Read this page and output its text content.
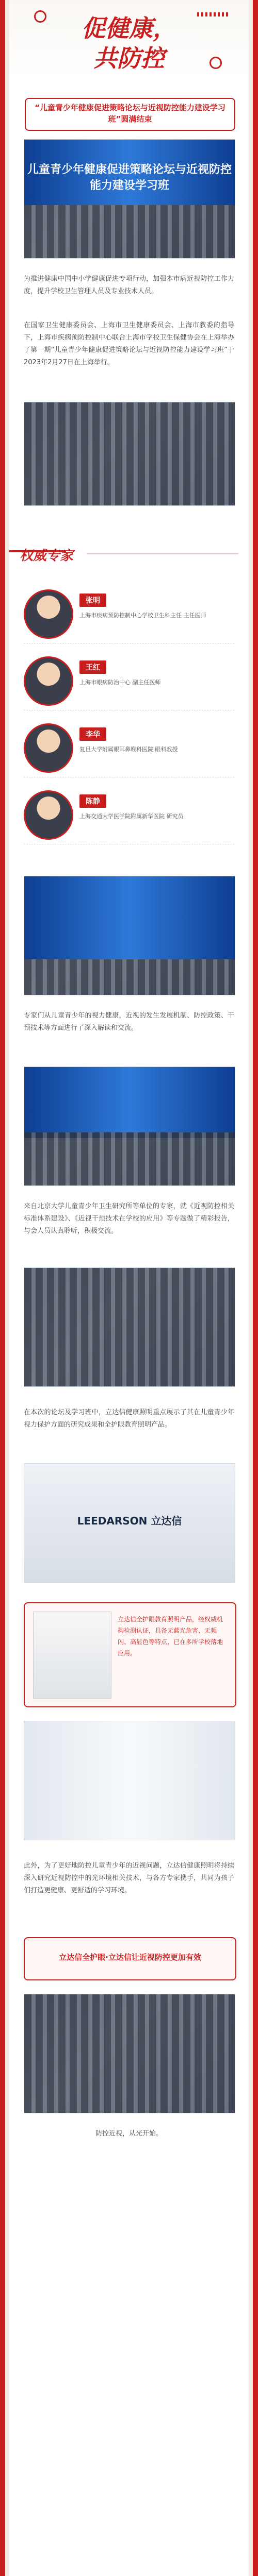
促健康，
共防控
“儿童青少年健康促进策略论坛与近视防控能力建设学习班”圆满结束
儿童青少年健康促进策略论坛与近视防控能力建设学习班
为推进健康中国中小学健康促进专项行动，加强本市病近视防控工作力度，提升学校卫生管理人员及专业技术人员。
在国家卫生健康委员会、上海市卫生健康委员会、上海市教委的指导下，上海市疾病预防控制中心联合上海市学校卫生保健协会在上海举办了第一期“儿童青少年健康促进策略论坛与近视防控能力建设学习班”于2023年2月27日在上海举行。
权威专家
张明
上海市疾病预防控制中心学校卫生科主任 主任医师
王红
上海市眼病防治中心 副主任医师
李华
复旦大学附属眼耳鼻喉科医院 眼科教授
陈静
上海交通大学医学院附属新华医院 研究员
专家们从儿童青少年的视力健康，近视的发生发展机制、防控政策、干预技术等方面进行了深入解读和交流。
来自北京大学儿童青少年卫生研究所等单位的专家，就《近视防控相关标准体系建设》、《近视干预技术在学校的应用》等专题做了精彩报告，与会人员认真聆听，积极交流。
在本次的论坛及学习班中，立达信健康照明重点展示了其在儿童青少年视力保护方面的研究成果和全护眼教育照明产品。
LEEDARSON 立达信
立达信全护眼教育照明产品，经权威机构检测认证，具备无蓝光危害、无频闪、高显色等特点，已在多所学校落地应用。
此外，为了更好地防控儿童青少年的近视问题，立达信健康照明将持续深入研究近视防控中的光环境相关技术，与各方专家携手，共同为孩子们打造更健康、更舒适的学习环境。
立达信全护眼·立达信让近视防控更加有效
防控近视，从光开始。
